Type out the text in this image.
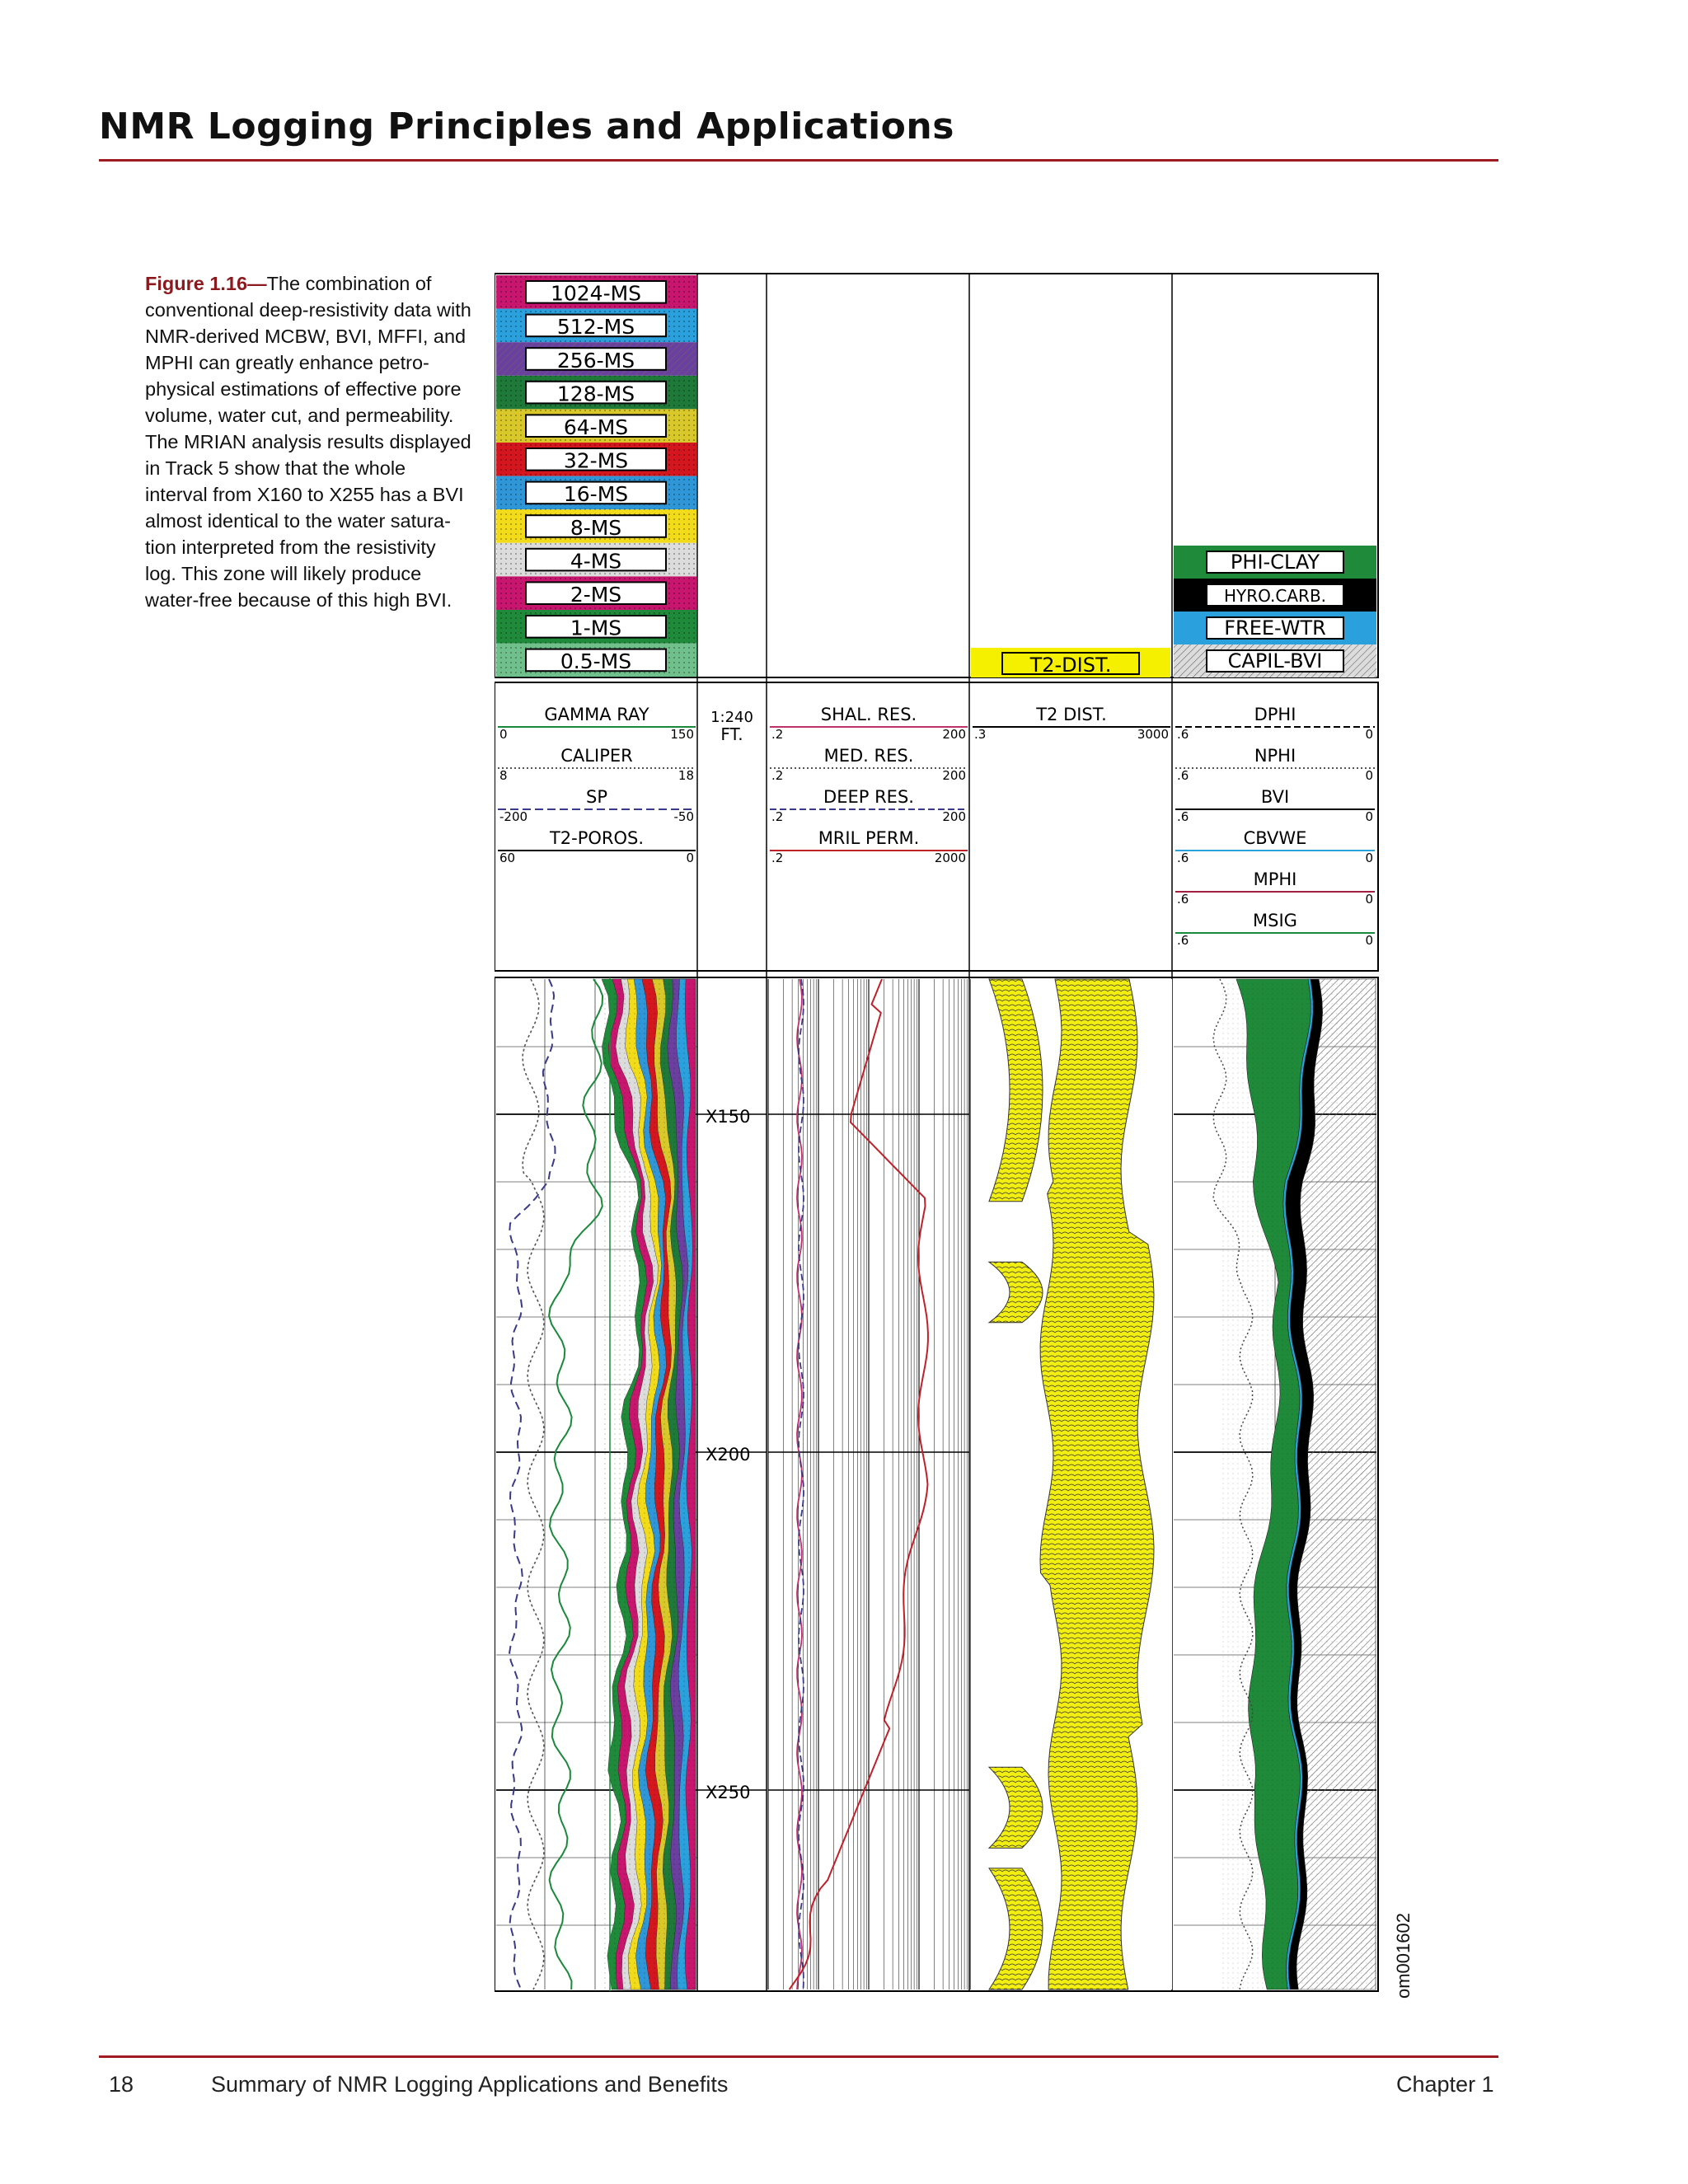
NMR Logging Principles and Applications
Figure 1.16—The combination of conventional deep-resistivity data with NMR-derived MCBW, BVI, MFFI, and MPHI can greatly enhance petrophysical estimations of effective pore volume, water cut, and permeability. The MRIAN analysis results displayed in Track 5 show that the whole interval from X160 to X255 has a BVI almost identical to the water saturation interpreted from the resistivity log. This zone will likely produce water-free because of this high BVI.
1024-MS
512-MS
256-MS
128-MS
64-MS
32-MS
16-MS
8-MS
4-MS
2-MS
1-MS
0.5-MS	T2-DIST.
PHI-CLAY
HYRO.CARB.
FREE-WTR
CAPIL-BVI
GAMMA RAY
0	150
CALIPER
8	18
SP
-200	-50
T2-POROS.
60	0
1:240
FT.
SHAL. RES.
.2	200
MED. RES.
.2	200
DEEP RES.
.2	200
MRIL PERM.
.2	2000
T2 DIST.
.3	3000
DPHI
.6	0
NPHI
.6	0
BVI
.6	0
CBVWE
.6	0
MPHI
.6	0
MSIG
.6	0
X150
X200
X250
om001602
18	Summary of NMR Logging Applications and Benefits	Chapter 1
